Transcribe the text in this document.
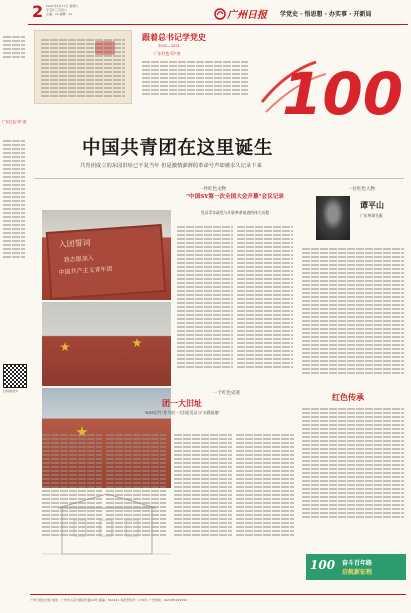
2 2021年4月17日 星期六
辛丑年三月初六
主编：xx 编辑：xx	广州日报 学党史 · 悟思想 · 办实事 · 开新局
广东红色"印"迹
扫码看更多
跟着总书记学党史
1921—2021
广东红色"印"迹
100
中国共青团在这里诞生
共青团成立的东园旧址已不复当年 但是激情澎湃的革命号声却被永久记录下来
入团誓词
我志愿加入
中国共产主义青年团
一件红色文物
"中国SY第一次全国大会开幕"会议记录
见证青年政党与开辟革命前进的伟大历程
一位红色人物
谭平山
广东革命先驱
一个红色史迹
团一大旧址
"SDS后代"作为团一大旧址见证与"实践基地"
红色传承
100 奋斗百年路
启航新征程
广州日报社出版 地址：广州市人民中路同乐路10号 邮编：510121 本报零售价：1.50元 广告热线：(020)81919191
